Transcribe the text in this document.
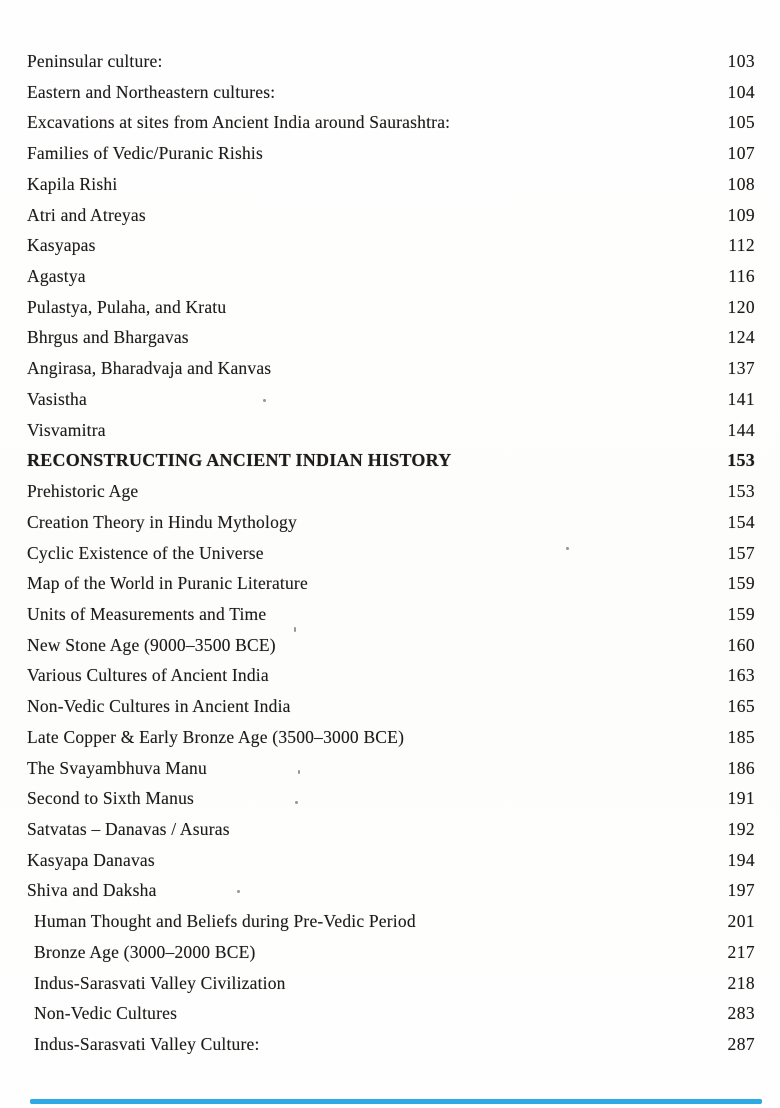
Peninsular culture:	103
Eastern and Northeastern cultures:	104
Excavations at sites from Ancient India around Saurashtra:	105
Families of Vedic/Puranic Rishis	107
Kapila Rishi	108
Atri and Atreyas	109
Kasyapas	112
Agastya	116
Pulastya, Pulaha, and Kratu	120
Bhrgus and Bhargavas	124
Angirasa, Bharadvaja and Kanvas	137
Vasistha	141
Visvamitra	144
RECONSTRUCTING ANCIENT INDIAN HISTORY	153
Prehistoric Age	153
Creation Theory in Hindu Mythology	154
Cyclic Existence of the Universe	157
Map of the World in Puranic Literature	159
Units of Measurements and Time	159
New Stone Age (9000–3500 BCE)	160
Various Cultures of Ancient India	163
Non-Vedic Cultures in Ancient India	165
Late Copper & Early Bronze Age (3500–3000 BCE)	185
The Svayambhuva Manu	186
Second to Sixth Manus	191
Satvatas – Danavas / Asuras	192
Kasyapa Danavas	194
Shiva and Daksha	197
Human Thought and Beliefs during Pre-Vedic Period	201
Bronze Age (3000–2000 BCE)	217
Indus-Sarasvati Valley Civilization	218
Non-Vedic Cultures	283
Indus-Sarasvati Valley Culture:	287
